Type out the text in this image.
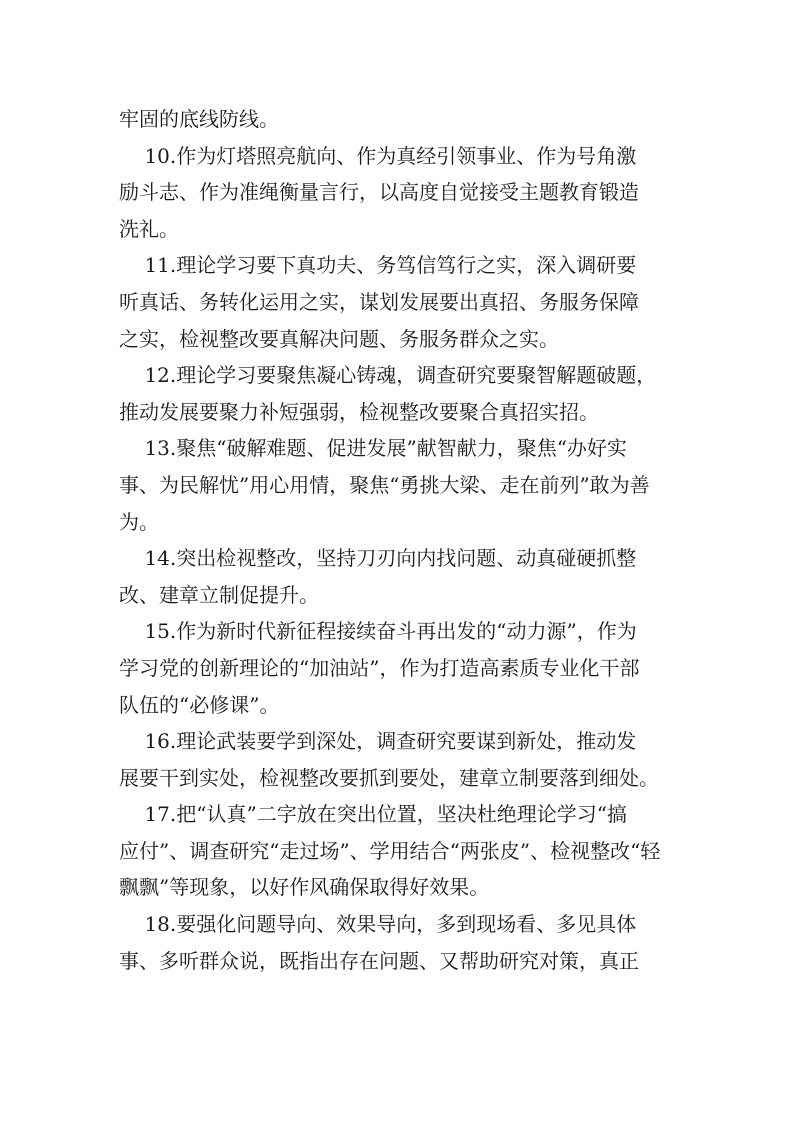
牢固的底线防线。
10.作为灯塔照亮航向、作为真经引领事业、作为号角激
励斗志、作为准绳衡量言行，以高度自觉接受主题教育锻造
洗礼。
11.理论学习要下真功夫、务笃信笃行之实，深入调研要
听真话、务转化运用之实，谋划发展要出真招、务服务保障
之实，检视整改要真解决问题、务服务群众之实。
12.理论学习要聚焦凝心铸魂，调查研究要聚智解题破题，
推动发展要聚力补短强弱，检视整改要聚合真招实招。
13.聚焦“破解难题、促进发展”献智献力，聚焦“办好实
事、为民解忧”用心用情，聚焦“勇挑大梁、走在前列”敢为善
为。
14.突出检视整改，坚持刀刃向内找问题、动真碰硬抓整
改、建章立制促提升。
15.作为新时代新征程接续奋斗再出发的“动力源”，作为
学习党的创新理论的“加油站”，作为打造高素质专业化干部
队伍的“必修课”。
16.理论武装要学到深处，调查研究要谋到新处，推动发
展要干到实处，检视整改要抓到要处，建章立制要落到细处。
17.把“认真”二字放在突出位置，坚决杜绝理论学习“搞
应付”、调查研究“走过场”、学用结合“两张皮”、检视整改“轻
飘飘”等现象，以好作风确保取得好效果。
18.要强化问题导向、效果导向，多到现场看、多见具体
事、多听群众说，既指出存在问题、又帮助研究对策，真正
